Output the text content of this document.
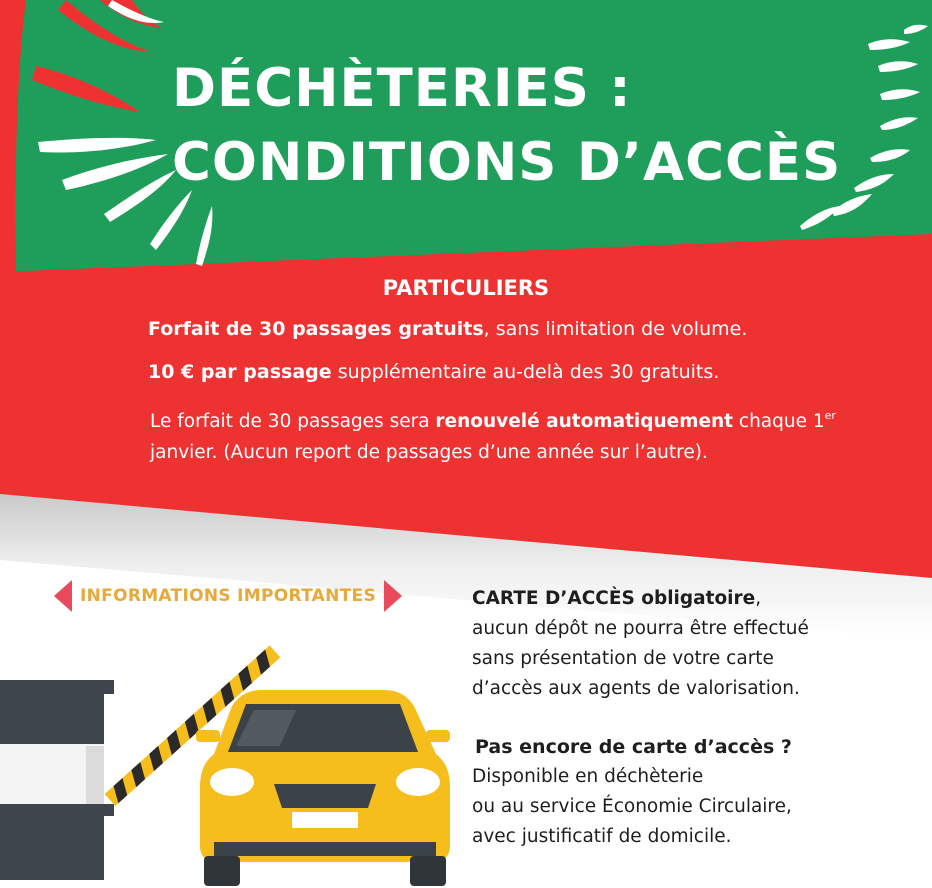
DÉCHÈTERIES :
CONDITIONS D’ACCÈS
PARTICULIERS

Forfait de 30 passages gratuits, sans limitation de volume.

10 € par passage supplémentaire au-delà des 30 gratuits.

Le forfait de 30 passages sera renouvelé automatiquement chaque 1er janvier. (Aucun report de passages d’une année sur l’autre).

INFORMATIONS IMPORTANTES	CARTE D’ACCÈS obligatoire,

aucun dépôt ne pourra être effectué

sans présentation de votre carte

d’accès aux agents de valorisation.

Pas encore de carte d’accès ?

Disponible en déchèterie

ou au service Économie Circulaire,

avec justificatif de domicile.
